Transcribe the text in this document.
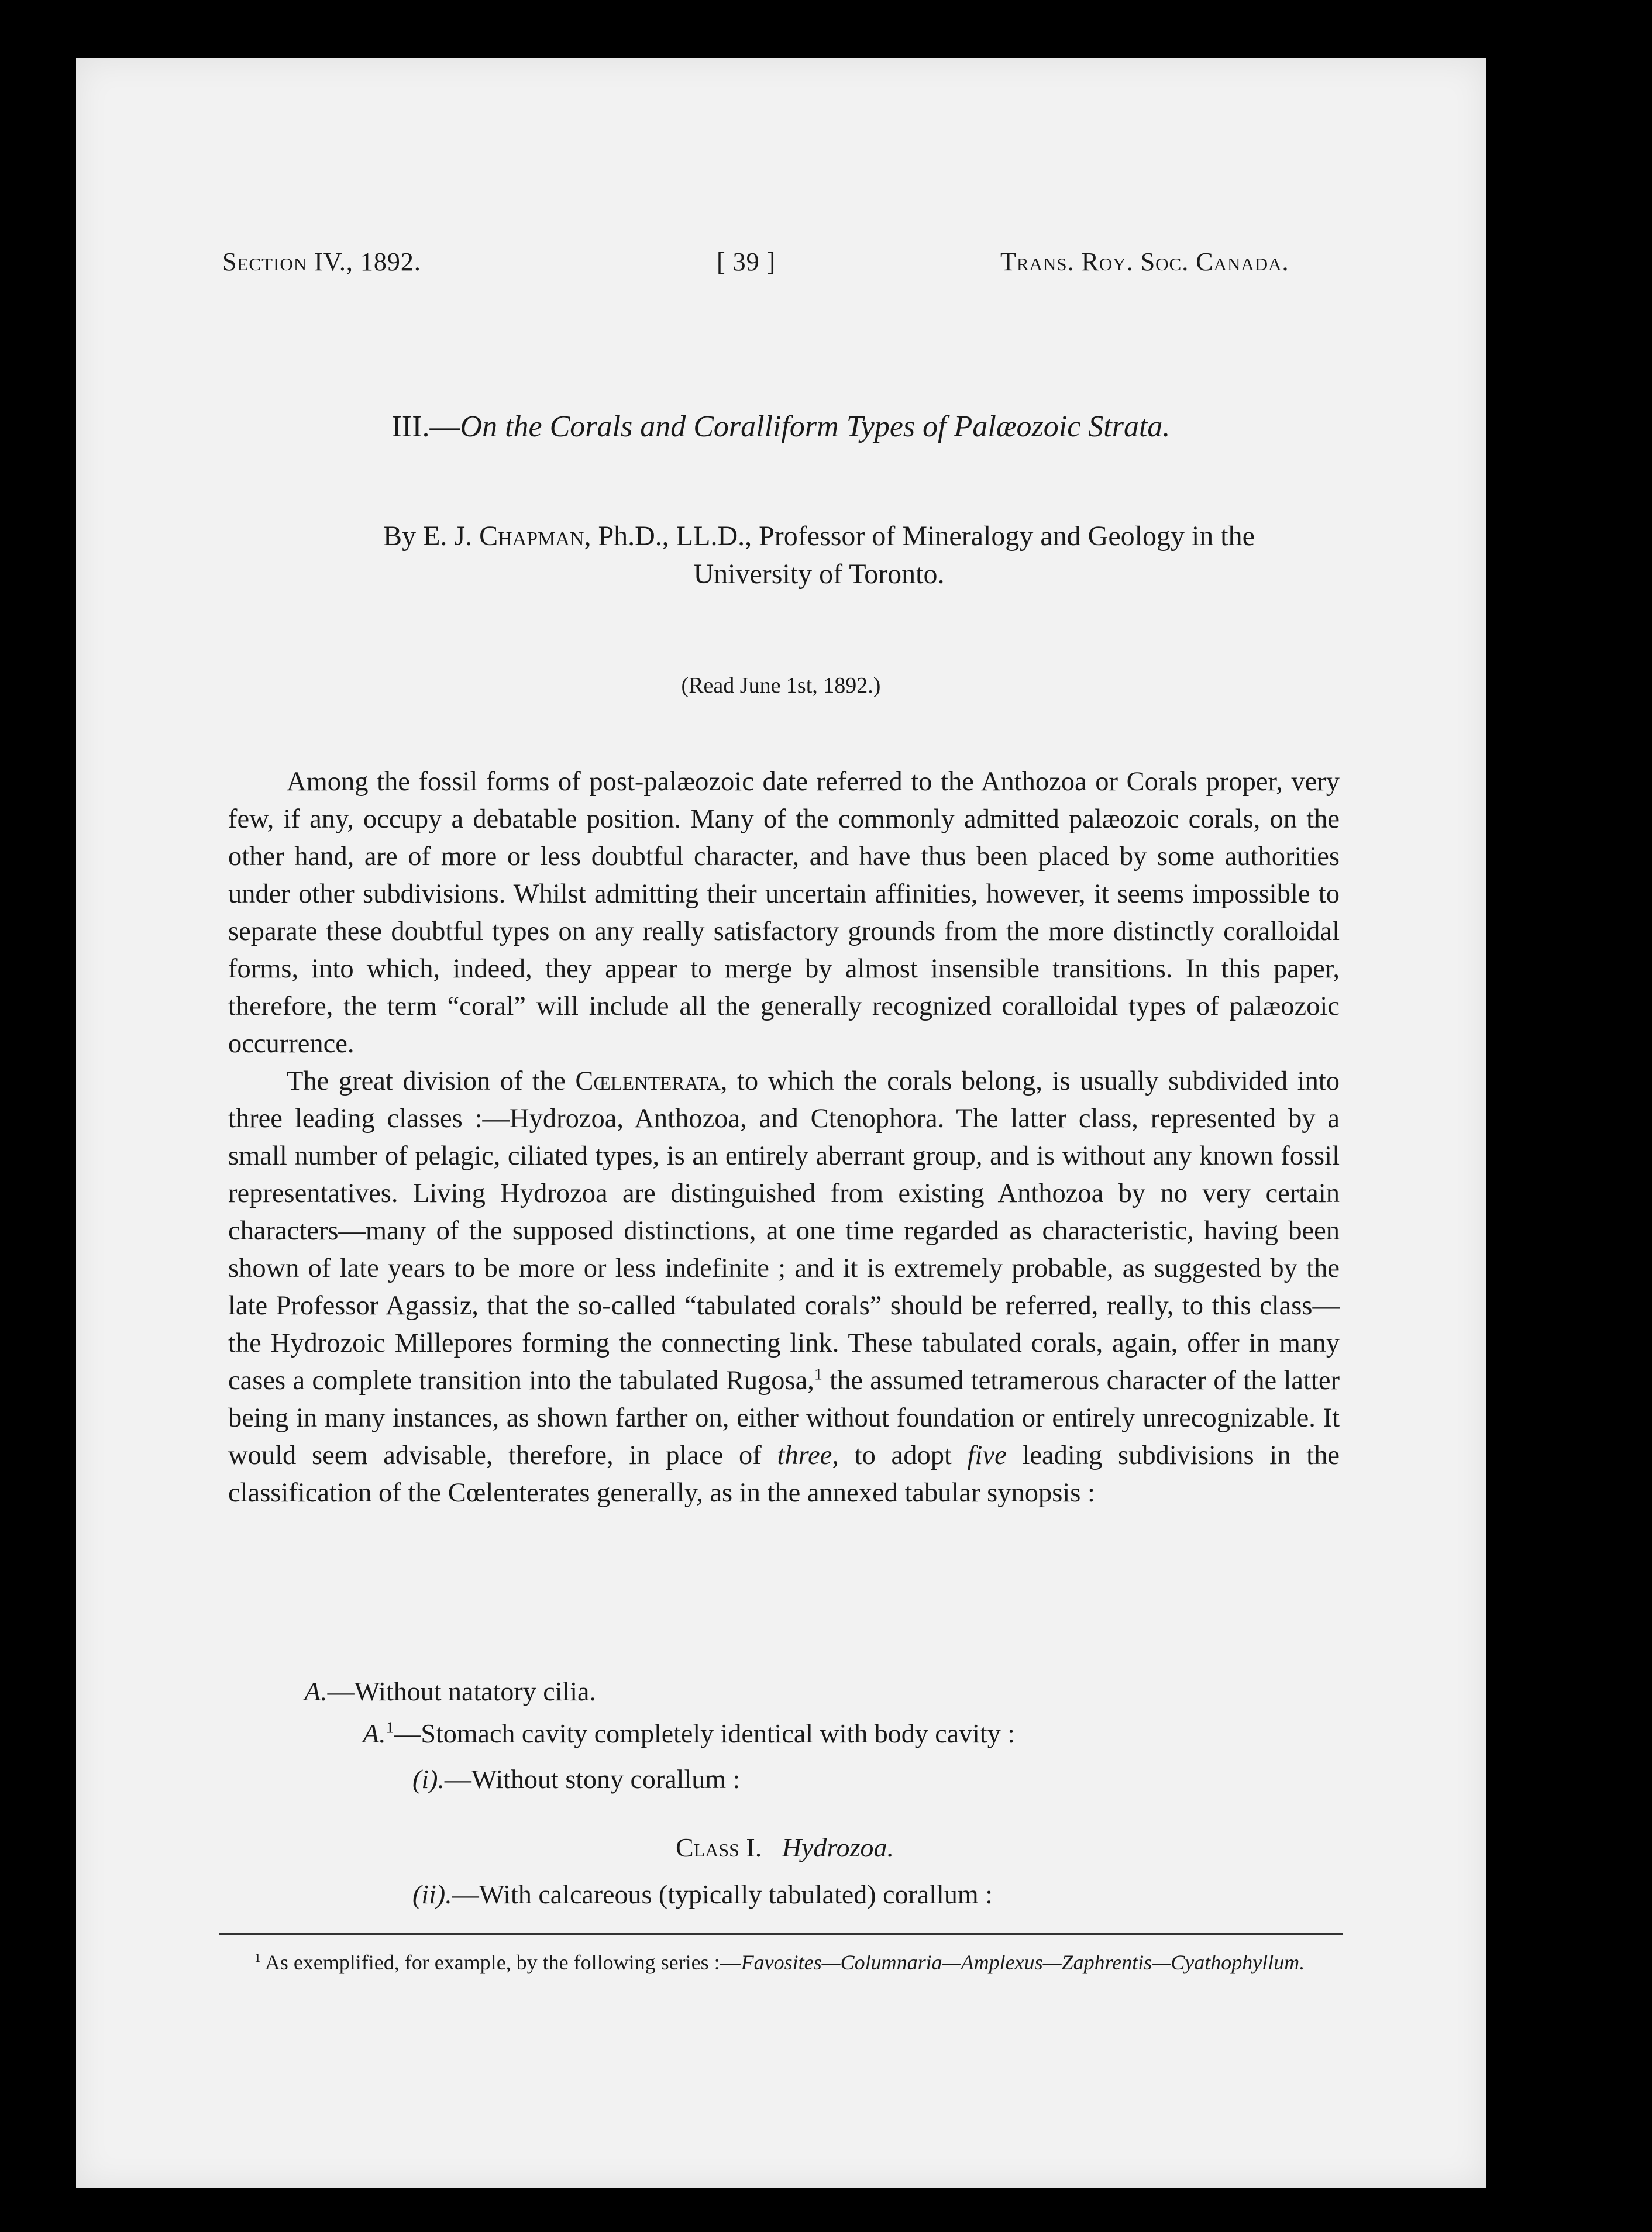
Section IV., 1892.	[ 39 ]	Trans. Roy. Soc. Canada.
III.—On the Corals and Coralliform Types of Palæozoic Strata.
By E. J. Chapman, Ph.D., LL.D., Professor of Mineralogy and Geology in the
University of Toronto.
(Read June 1st, 1892.)

Among the fossil forms of post-palæozoic date referred to the Anthozoa or Corals proper, very few, if any, occupy a debatable position. Many of the commonly admitted palæozoic corals, on the other hand, are of more or less doubtful character, and have thus been placed by some authorities under other subdivisions. Whilst admitting their uncertain affinities, however, it seems impossible to separate these doubtful types on any really satisfactory grounds from the more distinctly coralloidal forms, into which, indeed, they appear to merge by almost insensible transitions. In this paper, therefore, the term “coral” will include all the generally recognized coralloidal types of palæozoic occurrence.

The great division of the Cœlenterata, to which the corals belong, is usually subdivided into three leading classes :—Hydrozoa, Anthozoa, and Ctenophora. The latter class, represented by a small number of pelagic, ciliated types, is an entirely aberrant group, and is without any known fossil representatives. Living Hydrozoa are distinguished from existing Anthozoa by no very certain characters—many of the supposed distinctions, at one time regarded as characteristic, having been shown of late years to be more or less indefinite ; and it is extremely probable, as suggested by the late Professor Agassiz, that the so-called “tabulated corals” should be referred, really, to this class—the Hydrozoic Millepores forming the connecting link. These tabulated corals, again, offer in many cases a complete transition into the tabulated Rugosa,$^1$ the assumed tetramerous character of the latter being in many instances, as shown farther on, either without foundation or entirely unrecognizable. It would seem advisable, therefore, in place of three, to adopt five leading subdivisions in the classification of the Cœlenterates generally, as in the annexed tabular synopsis :

A.—Without natatory cilia.
A.$^1$—Stomach cavity completely identical with body cavity :
(i).—Without stony corallum :
Class I. Hydrozoa.
(ii).—With calcareous (typically tabulated) corallum :

$^1$ As exemplified, for example, by the following series :—Favosites—Columnaria—Amplexus—Zaphrentis—Cyathophyllum.
